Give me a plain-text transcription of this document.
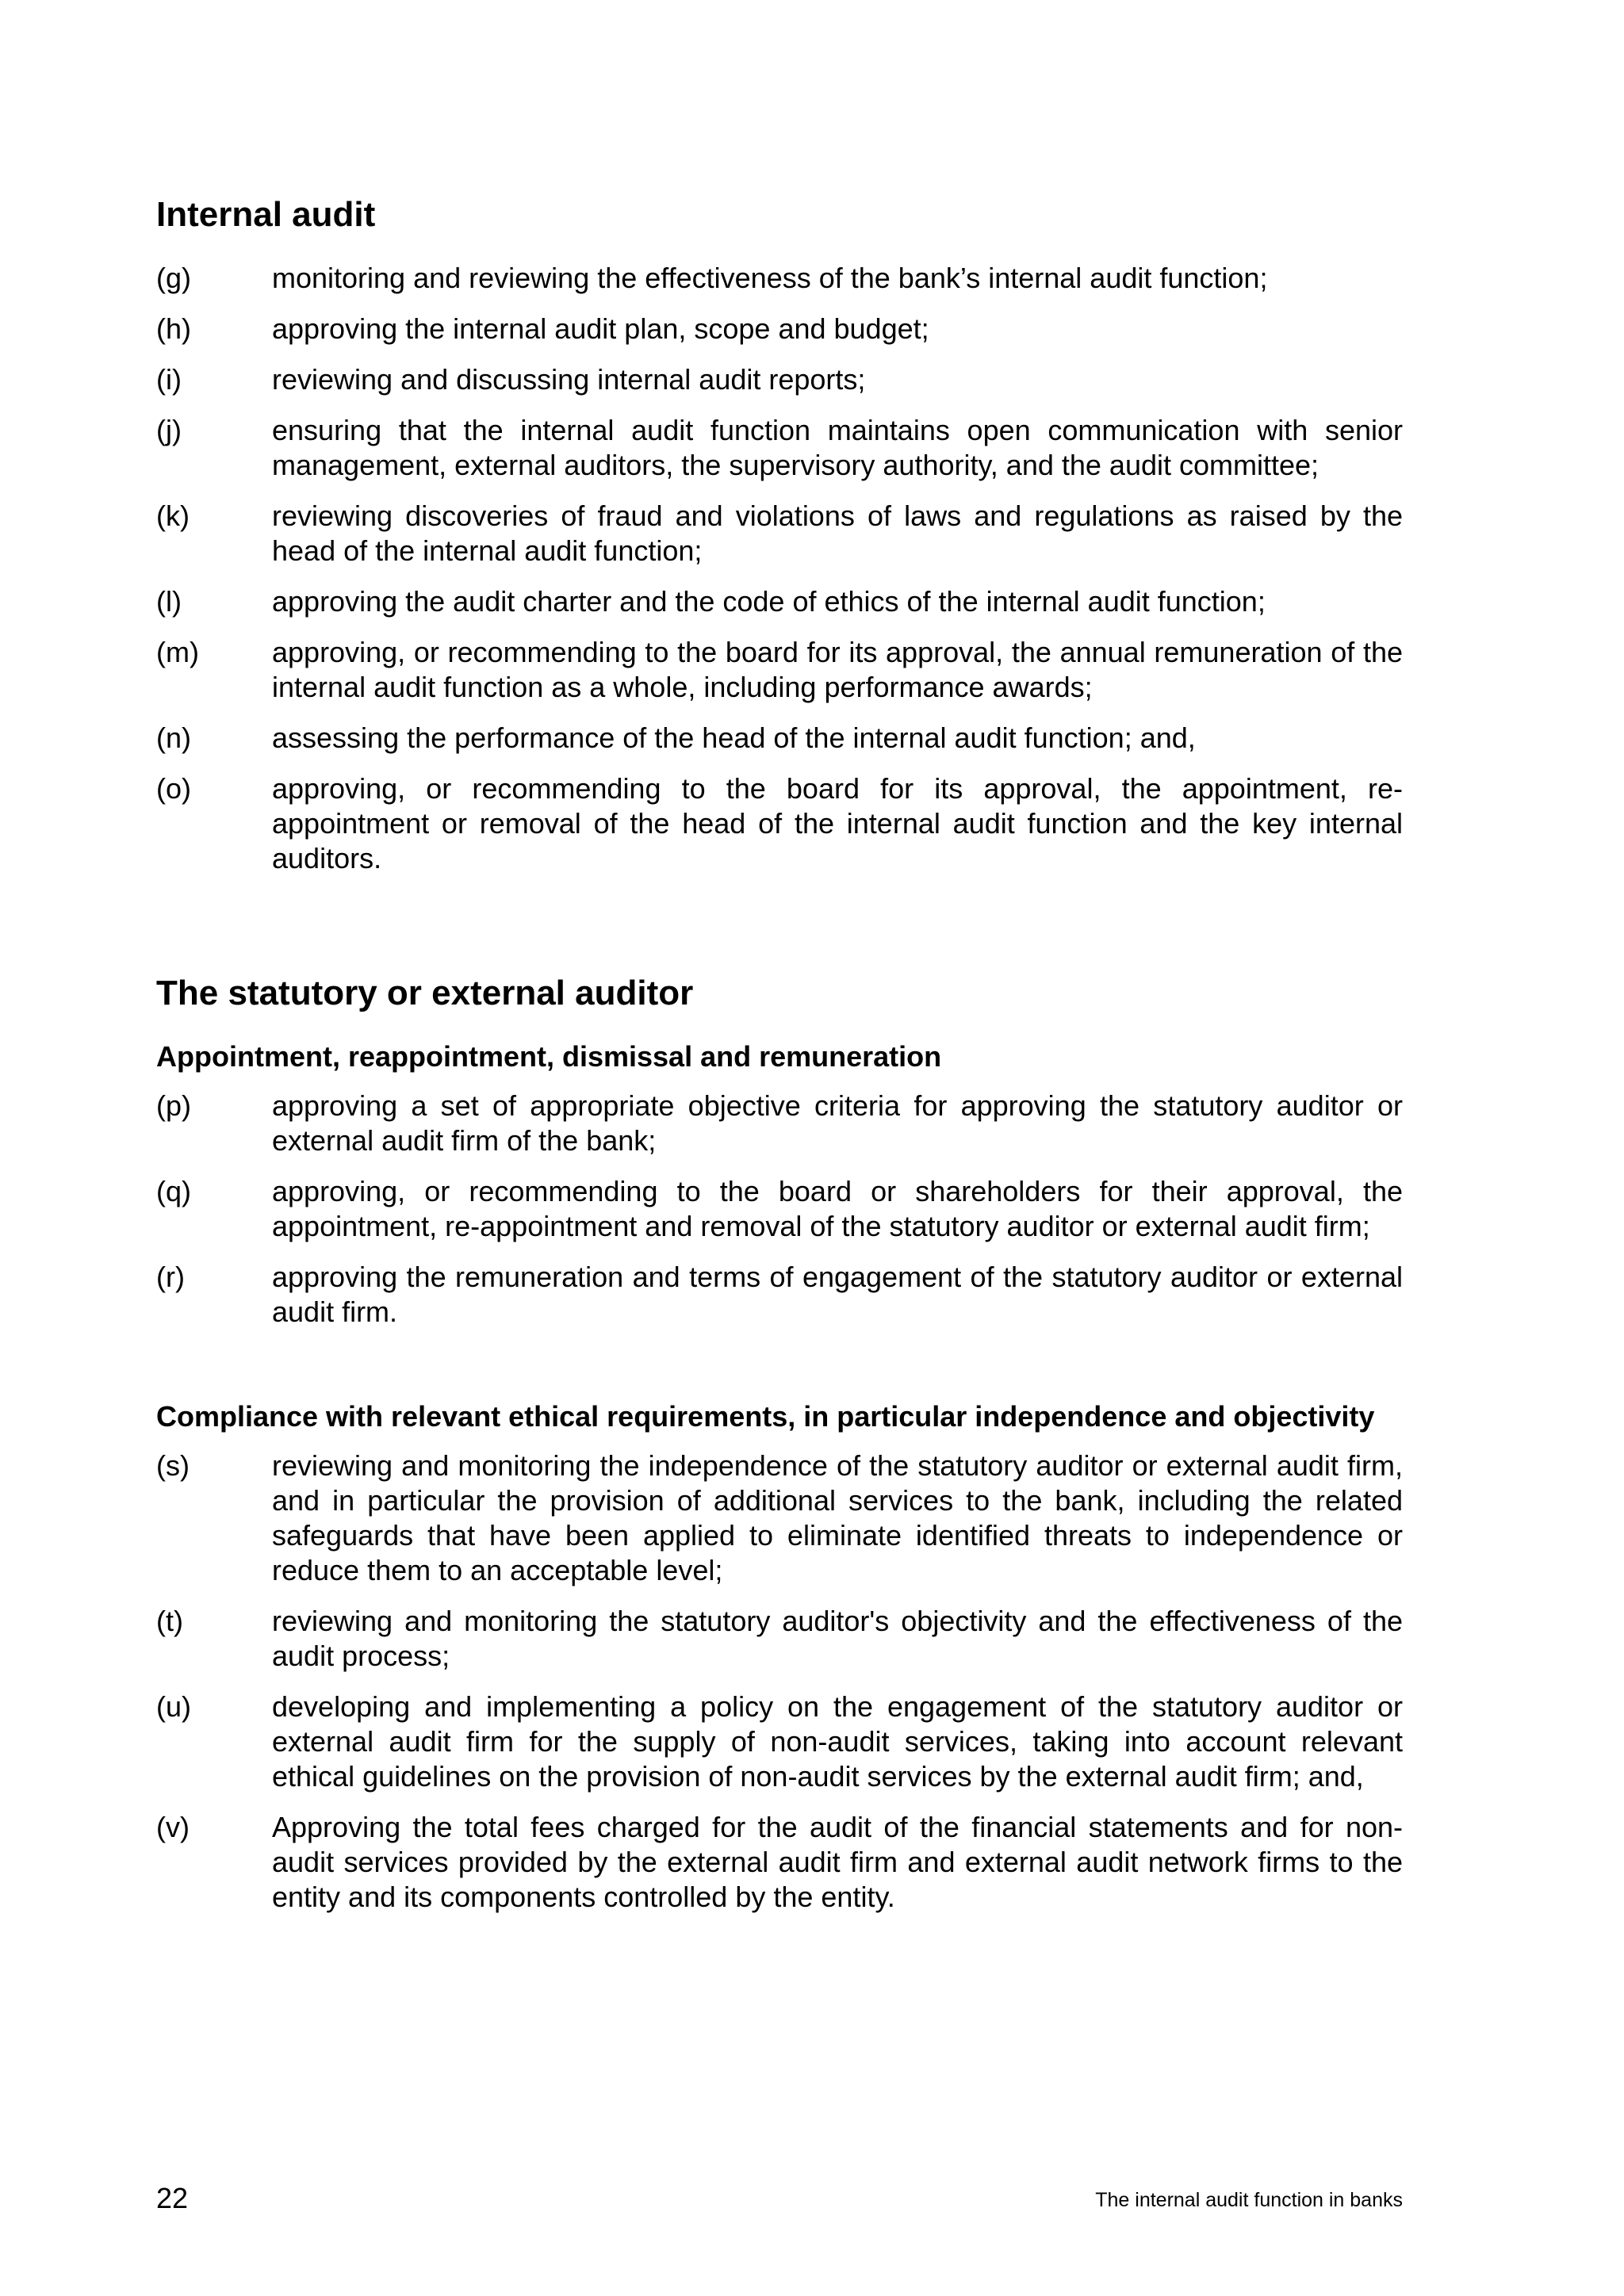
Internal audit
(g)	monitoring and reviewing the effectiveness of the bank’s internal audit function;
(h)	approving the internal audit plan, scope and budget;
(i)	reviewing and discussing internal audit reports;
(j)	ensuring that the internal audit function maintains open communication with senior management, external auditors, the supervisory authority, and the audit committee;
(k)	reviewing discoveries of fraud and violations of laws and regulations as raised by the head of the internal audit function;
(l)	approving the audit charter and the code of ethics of the internal audit function;
(m)	approving, or recommending to the board for its approval, the annual remuneration of the internal audit function as a whole, including performance awards;
(n)	assessing the performance of the head of the internal audit function; and,
(o)	approving, or recommending to the board for its approval, the appointment, re-appointment or removal of the head of the internal audit function and the key internal auditors.
The statutory or external auditor
Appointment, reappointment, dismissal and remuneration
(p)	approving a set of appropriate objective criteria for approving the statutory auditor or external audit firm of the bank;
(q)	approving, or recommending to the board or shareholders for their approval, the appointment, re-appointment and removal of the statutory auditor or external audit firm;
(r)	approving the remuneration and terms of engagement of the statutory auditor or external audit firm.
Compliance with relevant ethical requirements, in particular independence and objectivity
(s)	reviewing and monitoring the independence of the statutory auditor or external audit firm, and in particular the provision of additional services to the bank, including the related safeguards that have been applied to eliminate identified threats to independence or reduce them to an acceptable level;
(t)	reviewing and monitoring the statutory auditor's objectivity and the effectiveness of the audit process;
(u)	developing and implementing a policy on the engagement of the statutory auditor or external audit firm for the supply of non-audit services, taking into account relevant ethical guidelines on the provision of non-audit services by the external audit firm; and,
(v)	Approving the total fees charged for the audit of the financial statements and for non-audit services provided by the external audit firm and external audit network firms to the entity and its components controlled by the entity.
22	The internal audit function in banks
